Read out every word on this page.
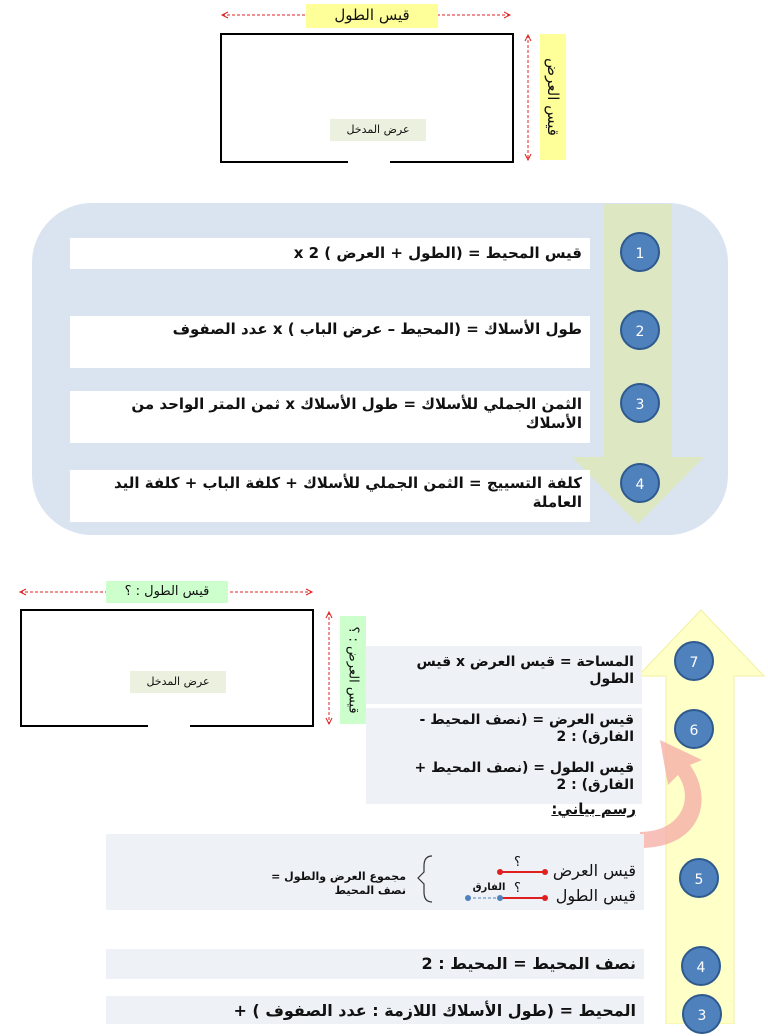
قيس الطول
قيس العرض
عرض المدخل
قيس المحيط = (الطول + العرض ) x 2	1
طول الأسلاك = (المحيط – عرض الباب ) x عدد الصفوف	2
الثمن الجملي للأسلاك = طول الأسلاك x ثمن المتر الواحد من الأسلاك
3
كلفة التسييج = الثمن الجملي للأسلاك + كلفة الباب + كلفة اليد العاملة
4
قيس الطول : ؟
قيس العرض : ؟
عرض المدخل
المساحة = قيس العرض x قيس الطول
7
قيس العرض = (نصف المحيط - الفارق) : 2
قيس الطول = (نصف المحيط + الفارق) : 2
رسم بياني:
6
قيس العرض
قيس الطول
؟
؟
الفارق
مجموع العرض والطول = نصف المحيط
5
نصف المحيط = المحيط : 2	4
المحيط = (طول الأسلاك اللازمة : عدد الصفوف ) +	3
